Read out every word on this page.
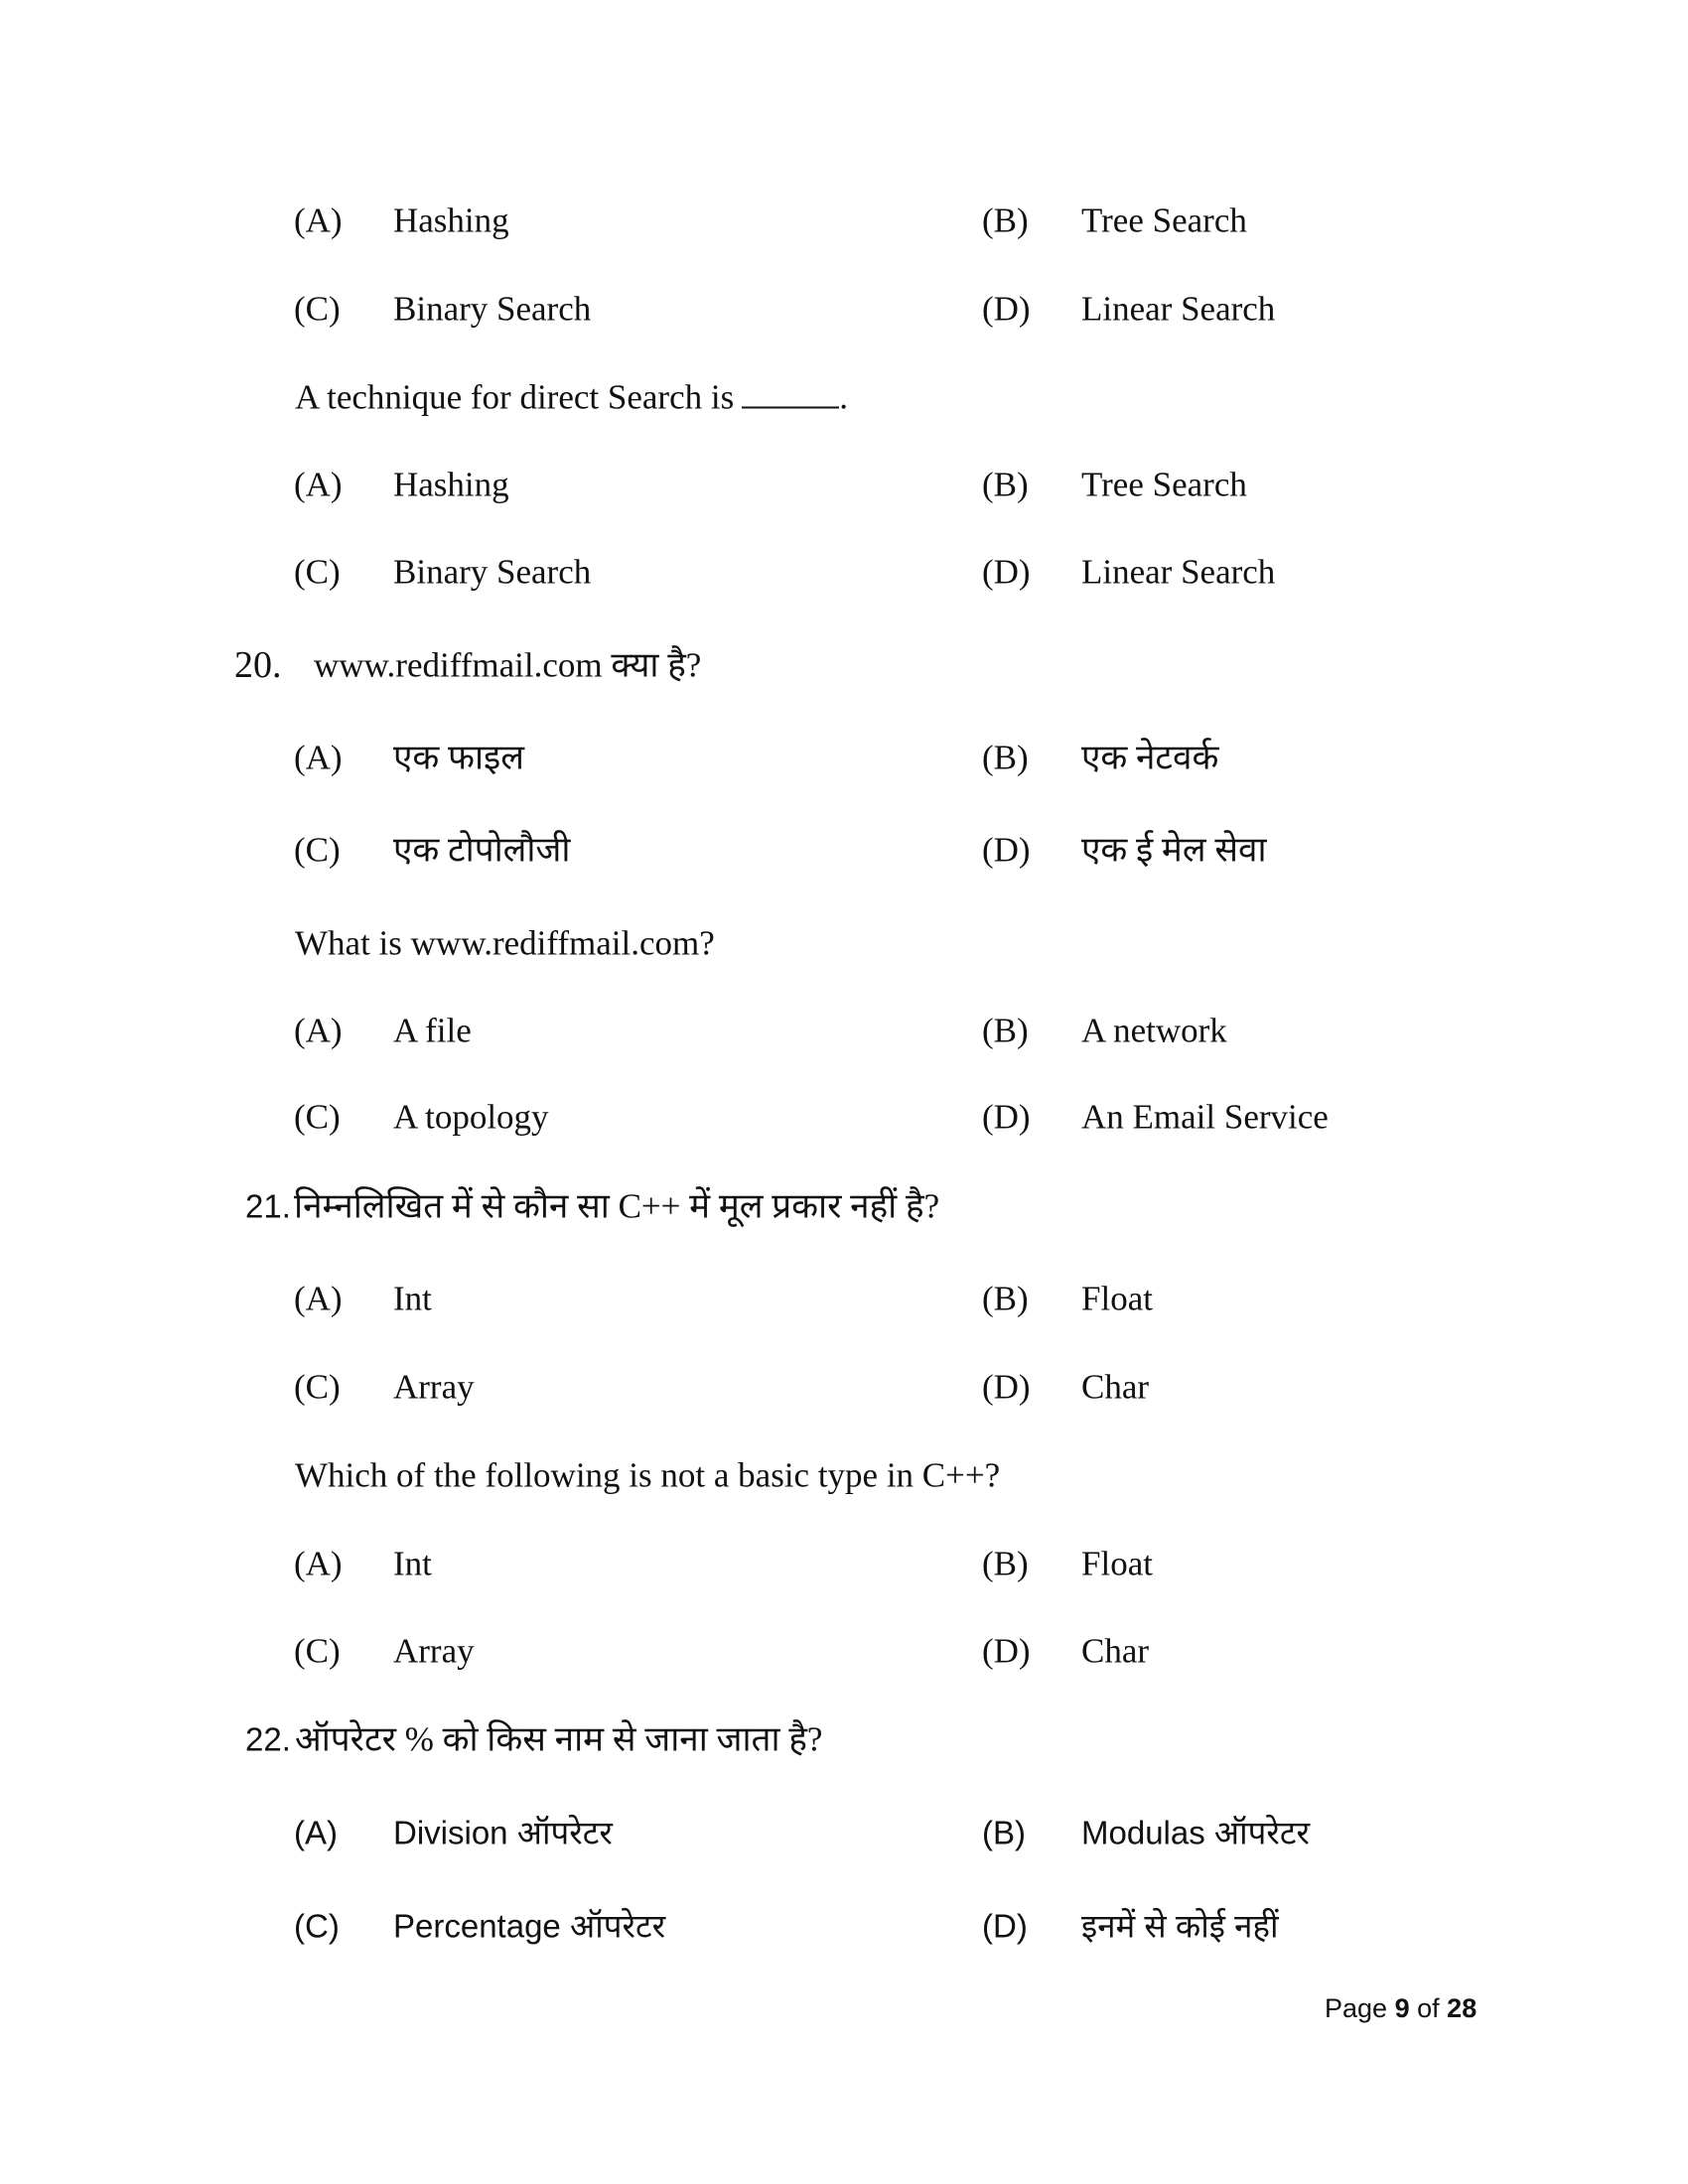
(A) Hashing	(B) Tree Search
(C) Binary Search	(D) Linear Search
A technique for direct Search is	.
(A) Hashing	(B) Tree Search
(C) Binary Search	(D) Linear Search
20. www.rediffmail.com क्या है?
(A) एक फाइल	(B) एक नेटवर्क
(C) एक टोपोलौजी	(D) एक ई मेल सेवा
What is www.rediffmail.com?
(A) A file	(B) A network
(C) A topology	(D) An Email Service
21. निम्नलिखित में से कौन सा C++ में मूल प्रकार नहीं है?
(A) Int	(B) Float
(C) Array	(D) Char
Which of the following is not a basic type in C++?
(A) Int	(B) Float
(C) Array	(D) Char
22. ऑपरेटर % को किस नाम से जाना जाता है?
(A) Division ऑपरेटर	(B) Modulas ऑपरेटर
(C) Percentage ऑपरेटर	(D) इनमें से कोई नहीं
Page 9 of 28
